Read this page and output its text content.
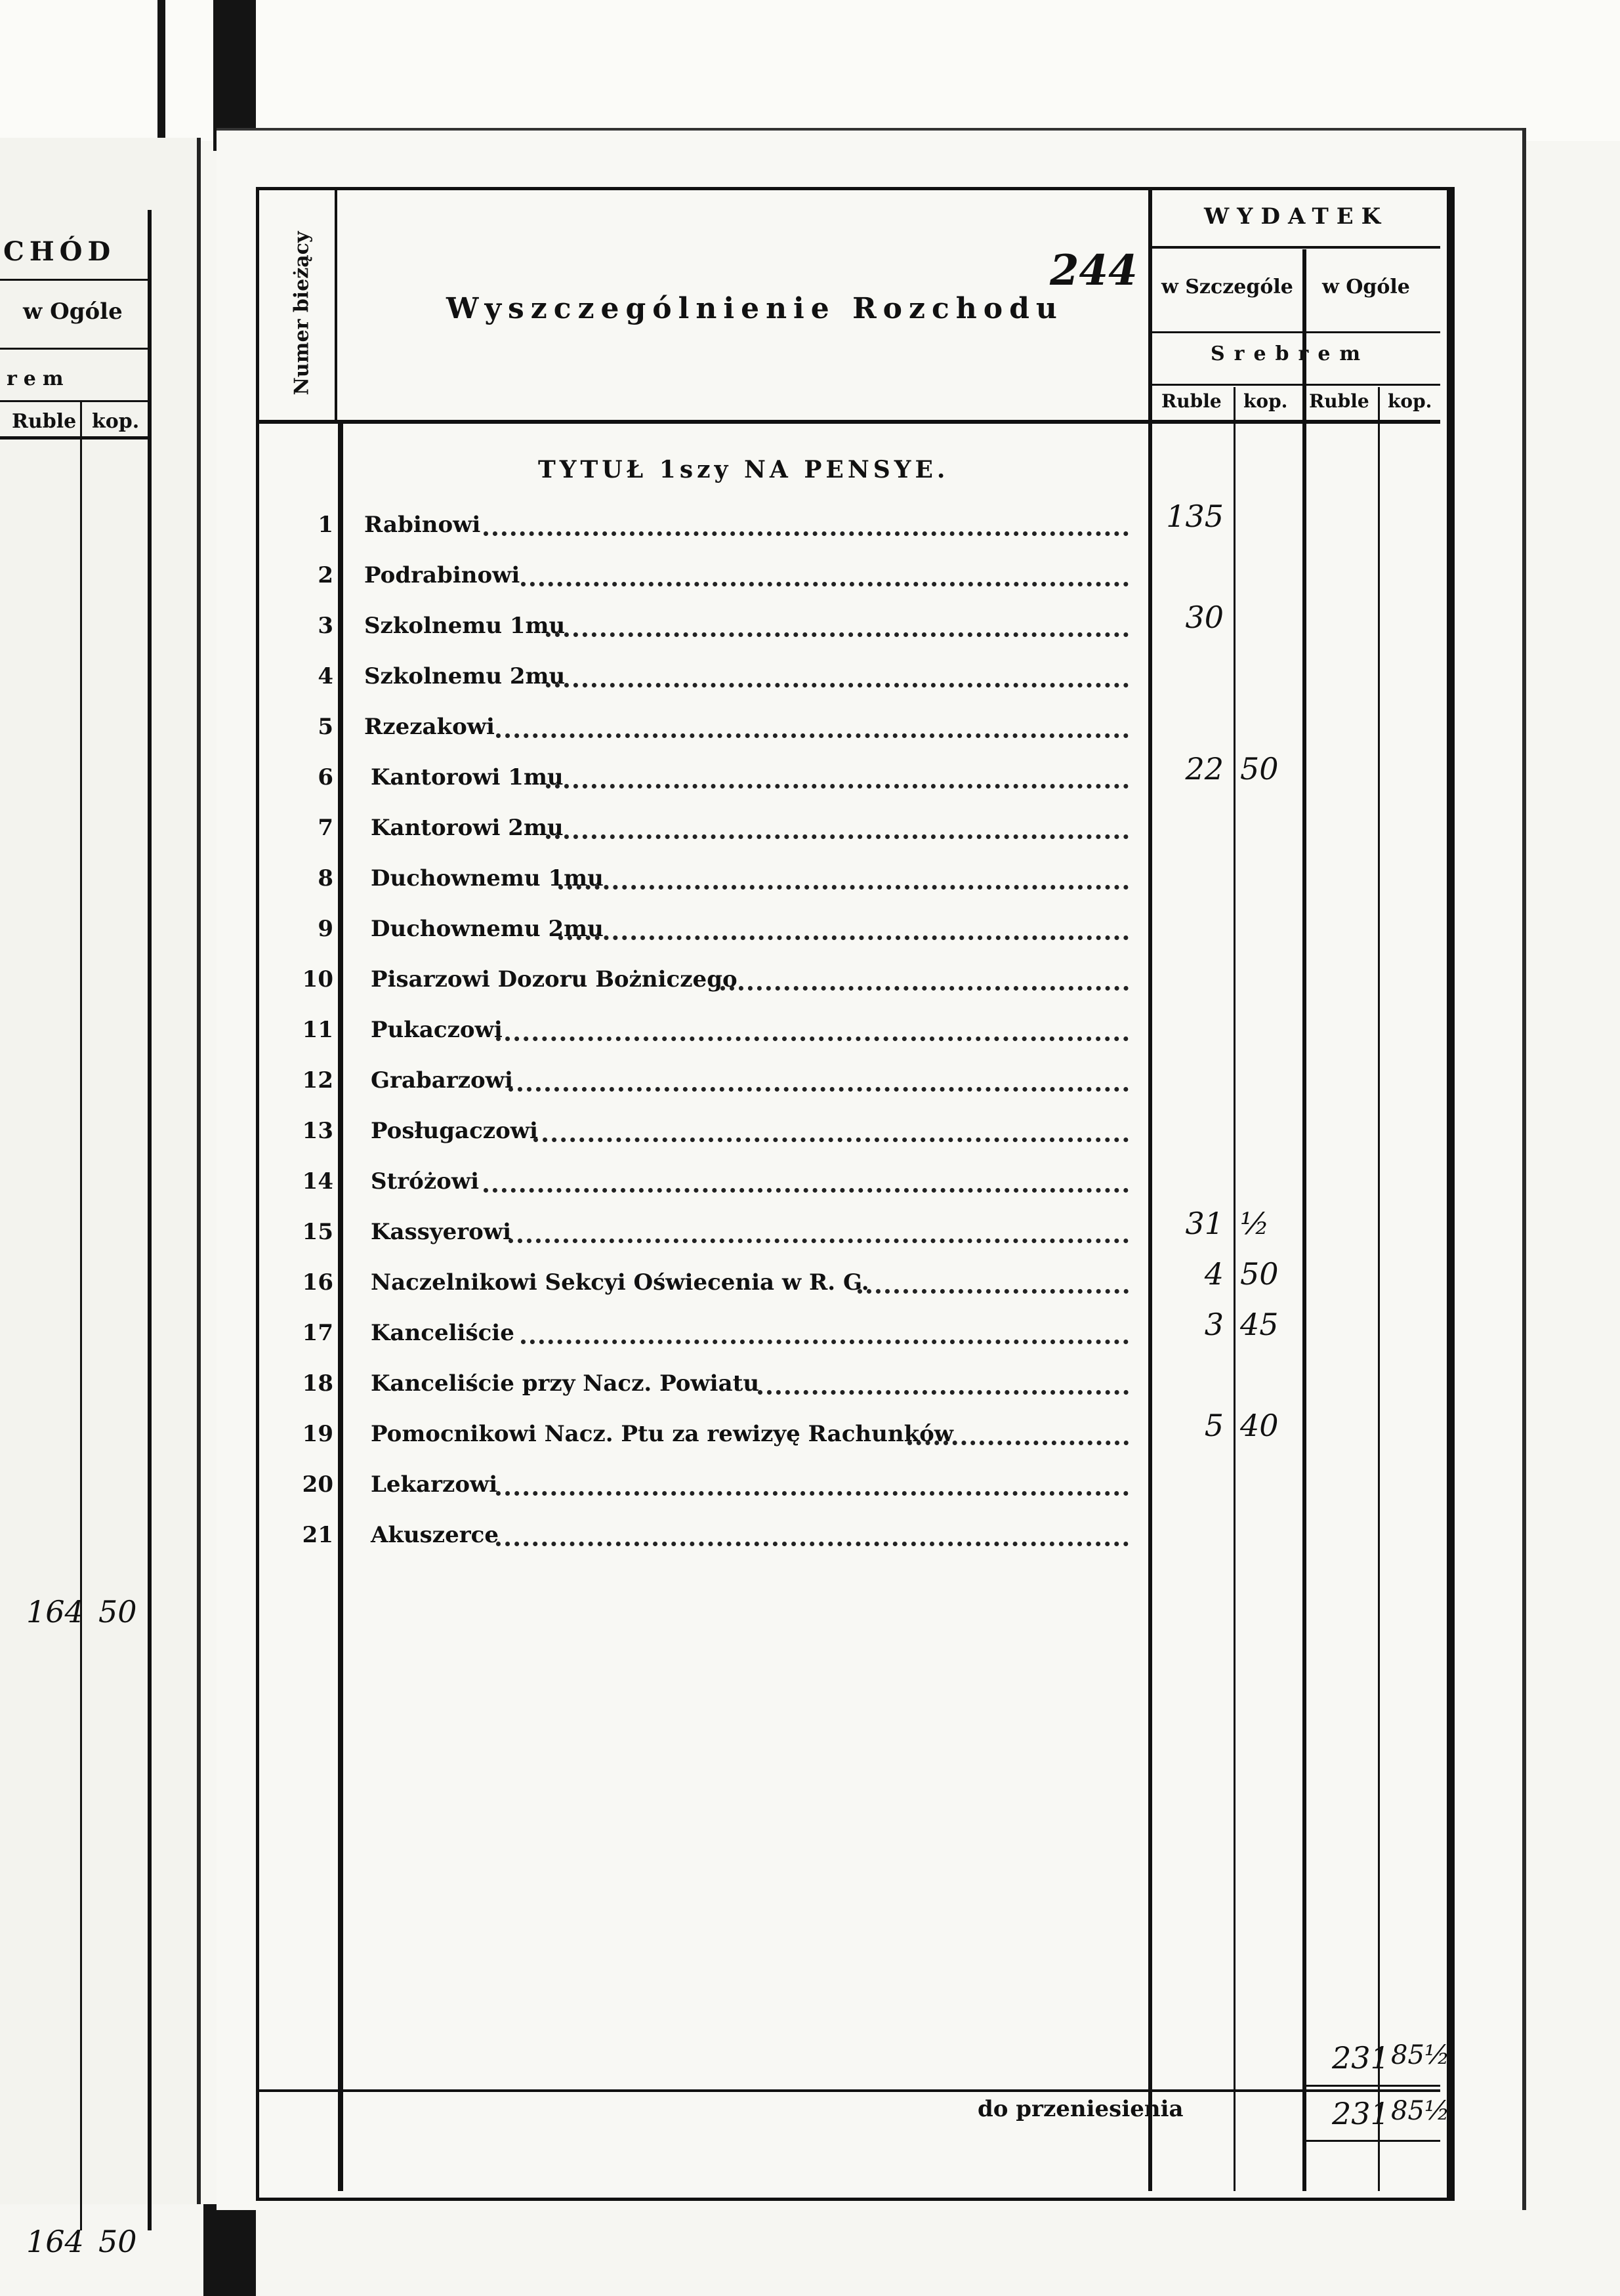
CHÓD
w Ogóle
rem
Ruble kop.
164 50
164 50
Numer bieżący	Wyszczególnienie Rozchodu
244
WYDATEK
w Szczególe w Ogóle
Srebrem
Ruble kop. Ruble kop.
TYTUŁ 1szy NA PENSYE.
1 Rabinowi	135
2 Podrabinowi
3 Szkolnemu 1mu	30
4 Szkolnemu 2mu
5 Rzezakowi
6 Kantorowi 1mu	22 50
7 Kantorowi 2mu
8 Duchownemu 1mu
9 Duchownemu 2mu
10 Pisarzowi Dozoru Bożniczego
11 Pukaczowi
12 Grabarzowi
13 Posługaczowi
14 Stróżowi
15 Kassyerowi	31 ½
16 Naczelnikowi Sekcyi Oświecenia w R. G.	4 50
17 Kanceliście	3 45
18 Kanceliście przy Nacz. Powiatu
19 Pomocnikowi Nacz. Ptu za rewizyę Rachunków	5 40
20 Lekarzowi
21 Akuszerce
231 85½
do przeniesienia	231 85½
